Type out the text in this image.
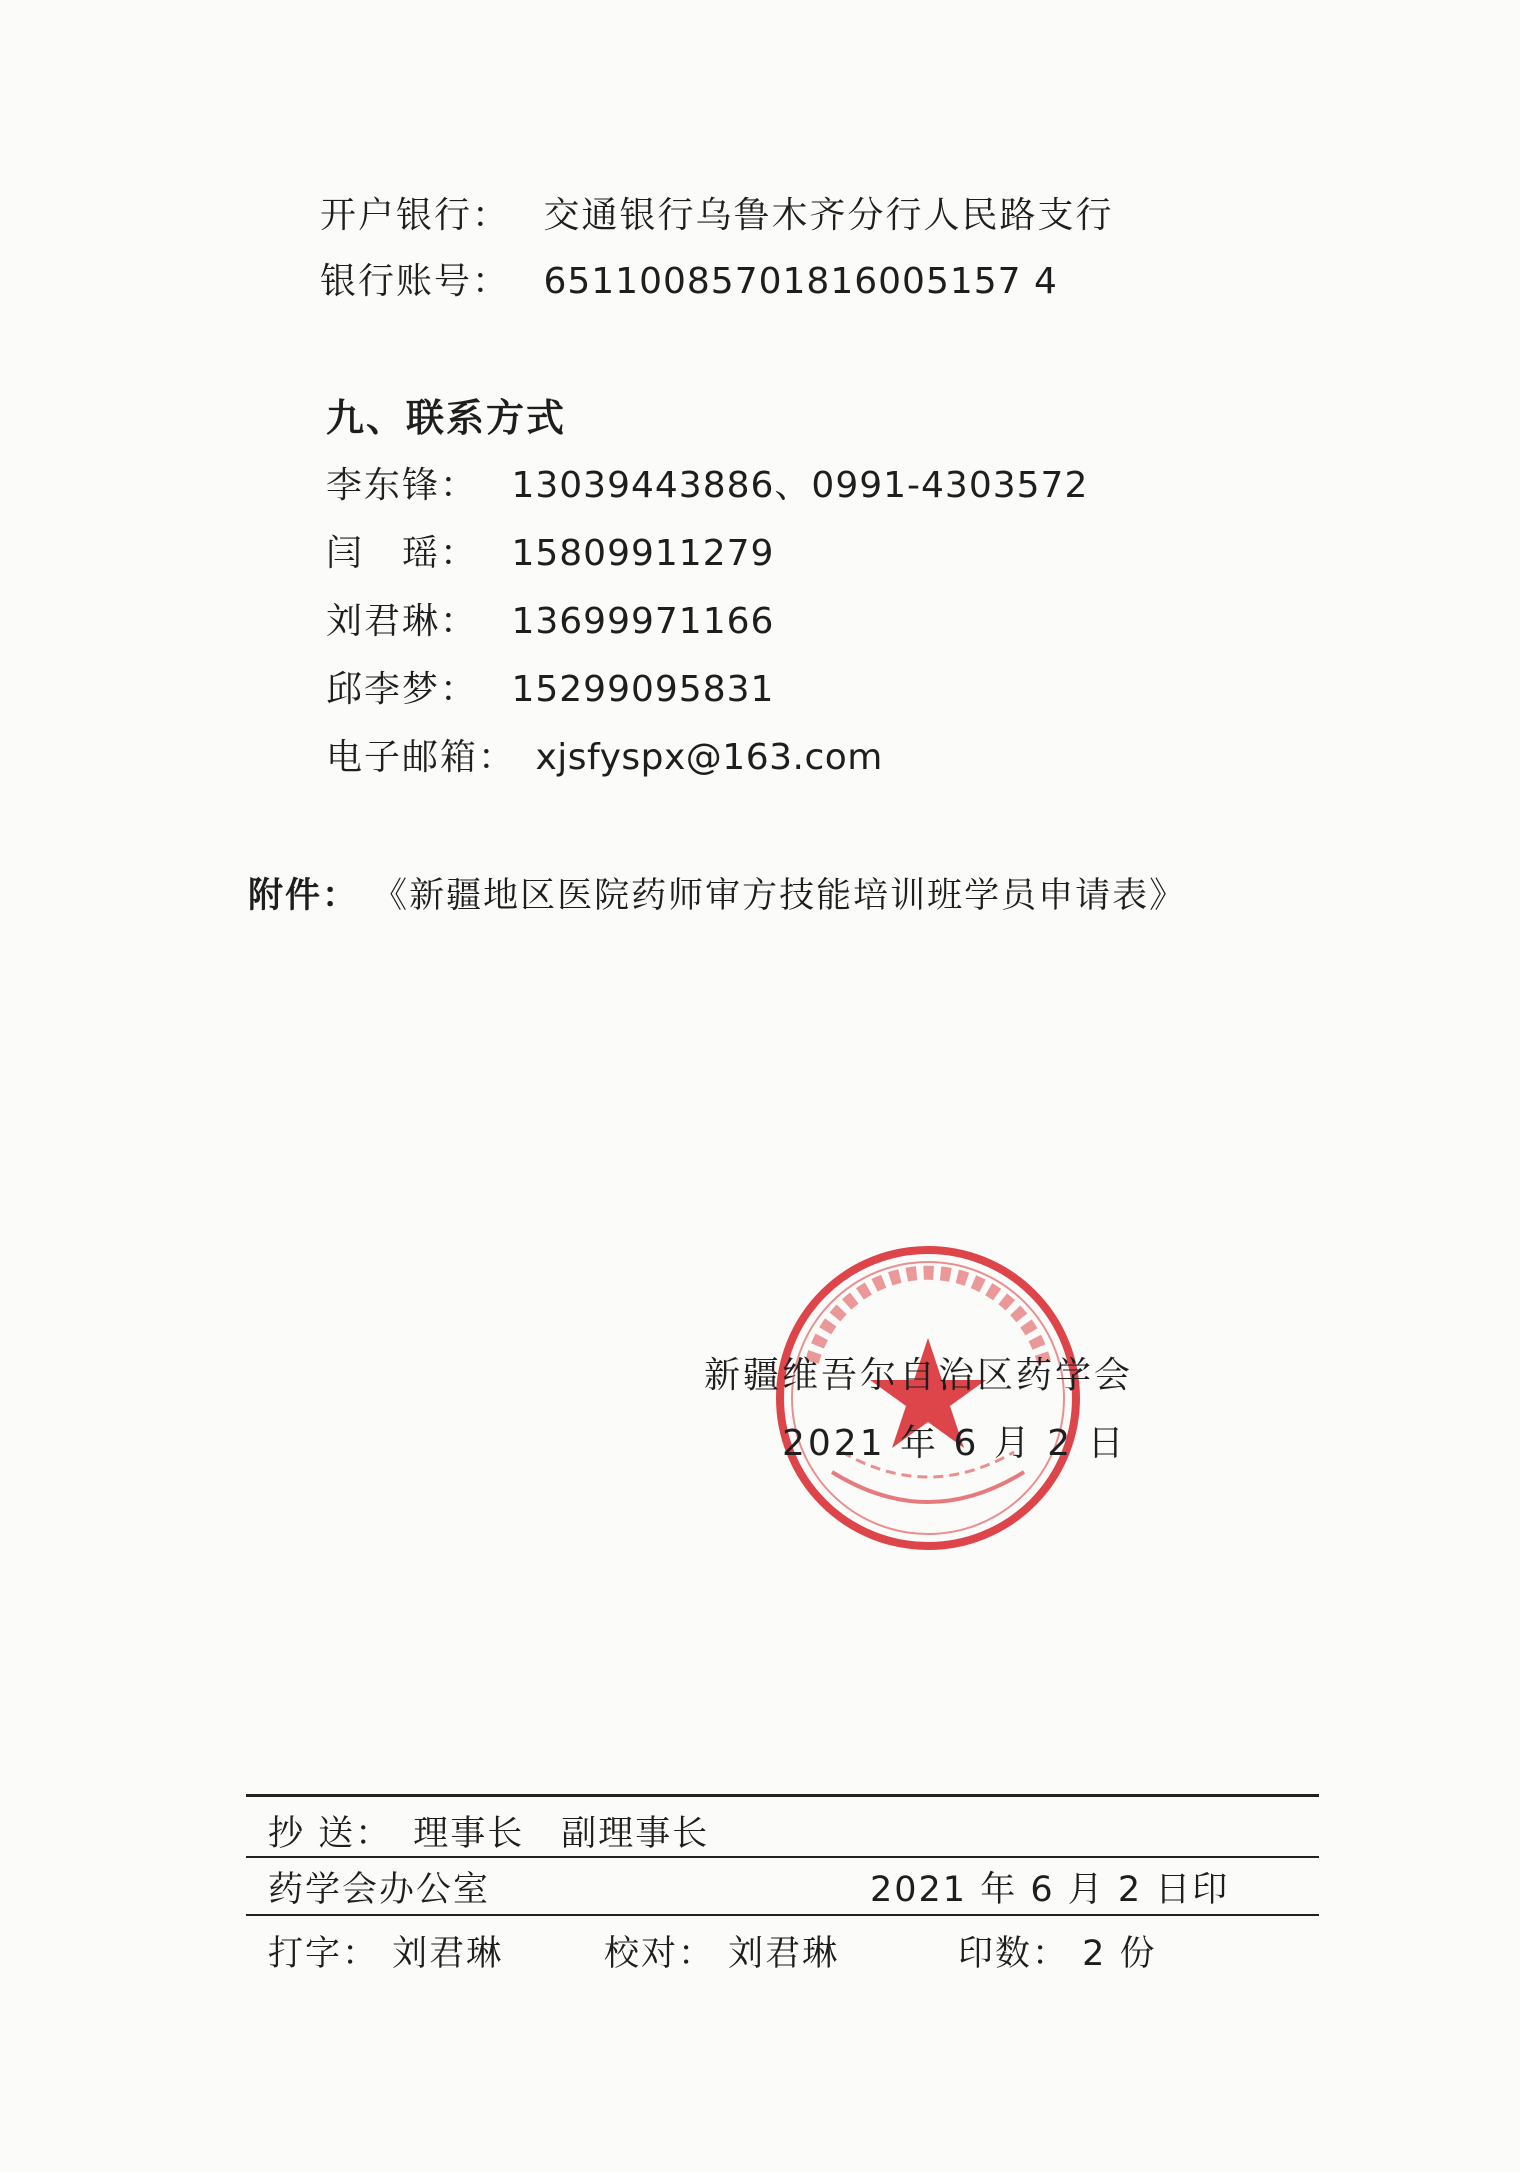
开户银行： 交通银行乌鲁木齐分行人民路支行
银行账号： 65110085701816005157 4
九、联系方式
李东锋： 13039443886、0991-4303572
闫　瑶： 15809911279
刘君琳： 13699971166
邱李梦： 15299095831
电子邮箱： xjsfyspx@163.com
附件： 《新疆地区医院药师审方技能培训班学员申请表》
新疆维吾尔自治区药学会
2021 年 6 月 2 日
抄 送： 理事长　副理事长
药学会办公室	2021 年 6 月 2 日印
打字： 刘君琳	校对： 刘君琳	印数： 2 份
